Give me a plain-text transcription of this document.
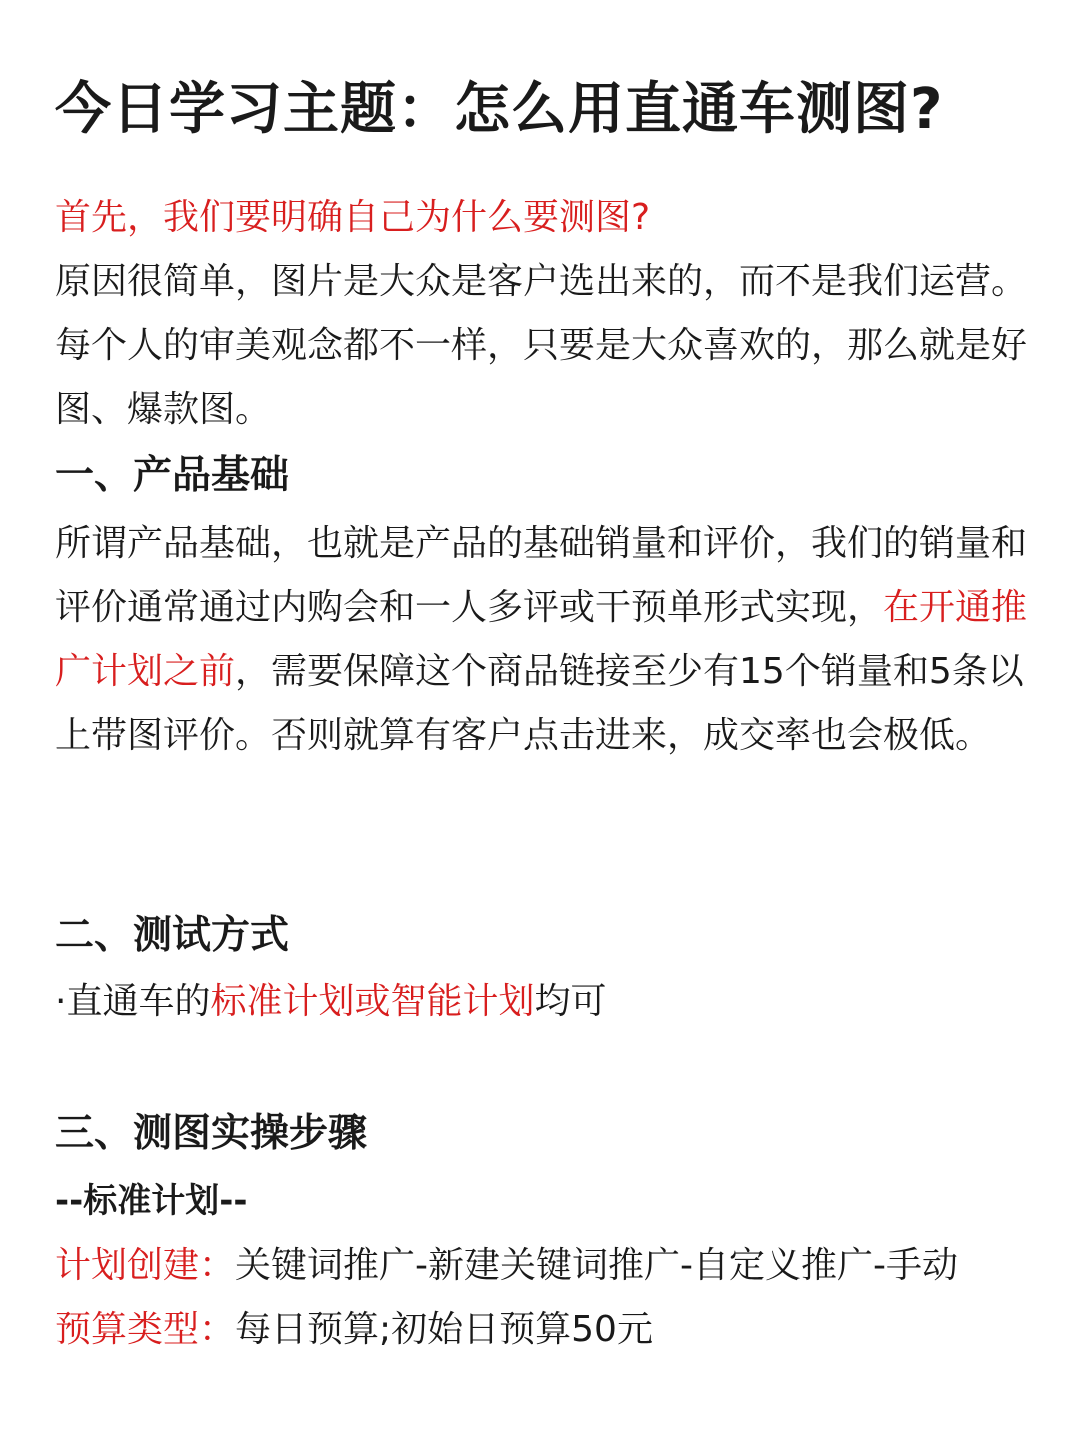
今日学习主题：怎么用直通车测图?

首先，我们要明确自己为什么要测图?

原因很简单，图片是大众是客户选出来的，而不是我们运营。每个人的审美观念都不一样，只要是大众喜欢的，那么就是好图、爆款图。

一、产品基础

所谓产品基础，也就是产品的基础销量和评价，我们的销量和评价通常通过内购会和一人多评或干预单形式实现，在开通推广计划之前，需要保障这个商品链接至少有15个销量和5条以上带图评价。否则就算有客户点击进来，成交率也会极低。

二、测试方式

·直通车的标准计划或智能计划均可

三、测图实操步骤

--标准计划--

计划创建：关键词推广-新建关键词推广-自定义推广-手动

预算类型：每日预算;初始日预算50元
